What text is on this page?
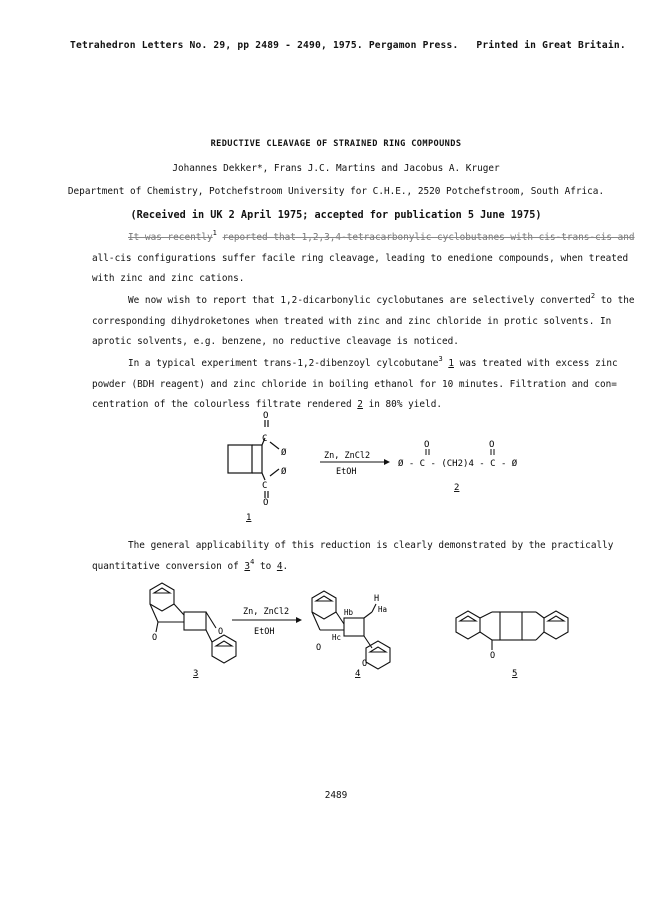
Tetrahedron Letters No. 29, pp 2489 - 2490, 1975. Pergamon Press. Printed in Great Britain.
REDUCTIVE CLEAVAGE OF STRAINED RING COMPOUNDS
Johannes Dekker*, Frans J.C. Martins and Jacobus A. Kruger
Department of Chemistry, Potchefstroom University for C.H.E., 2520 Potchefstroom, South Africa.
(Received in UK 2 April 1975; accepted for publication 5 June 1975)
It was recently$^1$ reported that 1,2,3,4-tetracarbonylic cyclobutanes with cis-trans-cis and
all-cis configurations suffer facile ring cleavage, leading to enedione compounds, when treated
with zinc and zinc cations.
We now wish to report that 1,2-dicarbonylic cyclobutanes are selectively converted$^2$ to the
corresponding dihydroketones when treated with zinc and zinc chloride in protic solvents. In
aprotic solvents, e.g. benzene, no reductive cleavage is noticed.
In a typical experiment trans-1,2-dibenzoyl cylcobutane$^3$ 1 was treated with excess zinc
powder (BDH reagent) and zinc chloride in boiling ethanol for 10 minutes. Filtration and con=
centration of the colourless filtrate rendered 2 in 80% yield.
O
C
Ø
Ø
C
O
1
Zn, ZnCl2
EtOH
O	O
Ø - C - (CH2)4 - C - Ø
2
The general applicability of this reduction is clearly demonstrated by the practically
quantitative conversion of $3^4$ to 4.
O
O
3
Zn, ZnCl2
EtOH
O
O
H
Ha
Hb
Hc
4
O
5
2489
